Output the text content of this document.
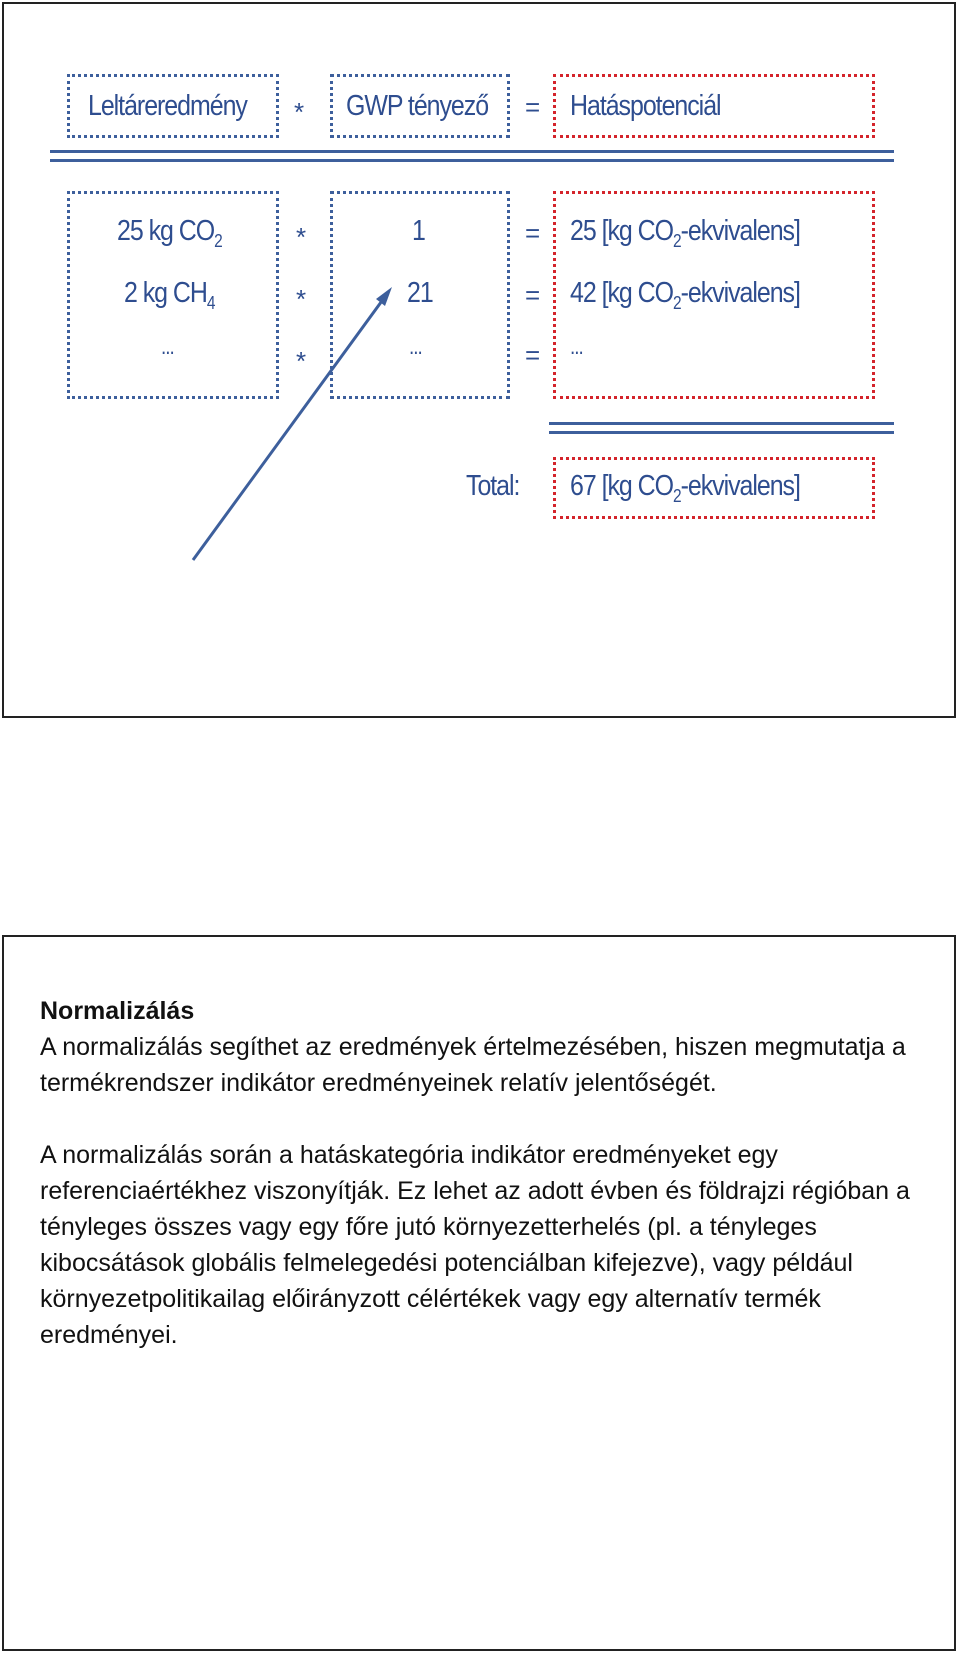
Leltáreredmény * GWP tényező = Hatáspotenciál
25 kg $CO_2$	*	1	= 25 [kg $CO_2-ekvivalens$]
2 kg $CH_4$	*	21	= 42 [kg $CO_2-ekvivalens$]
...	*	...	= ...
Total: 67 [kg $CO_2-ekvivalens$]
Normalizálás
A normalizálás segíthet az eredmények értelmezésében, hiszen megmutatja a termékrendszer indikátor eredményeinek relatív jelentőségét.
A normalizálás során a hatáskategória indikátor eredményeket egy referenciaértékhez viszonyítják. Ez lehet az adott évben és földrajzi régióban a tényleges összes vagy egy főre jutó környezetterhelés (pl. a tényleges kibocsátások globális felmelegedési potenciálban kifejezve), vagy például környezetpolitikailag előirányzott célértékek vagy egy alternatív termék eredményei.
